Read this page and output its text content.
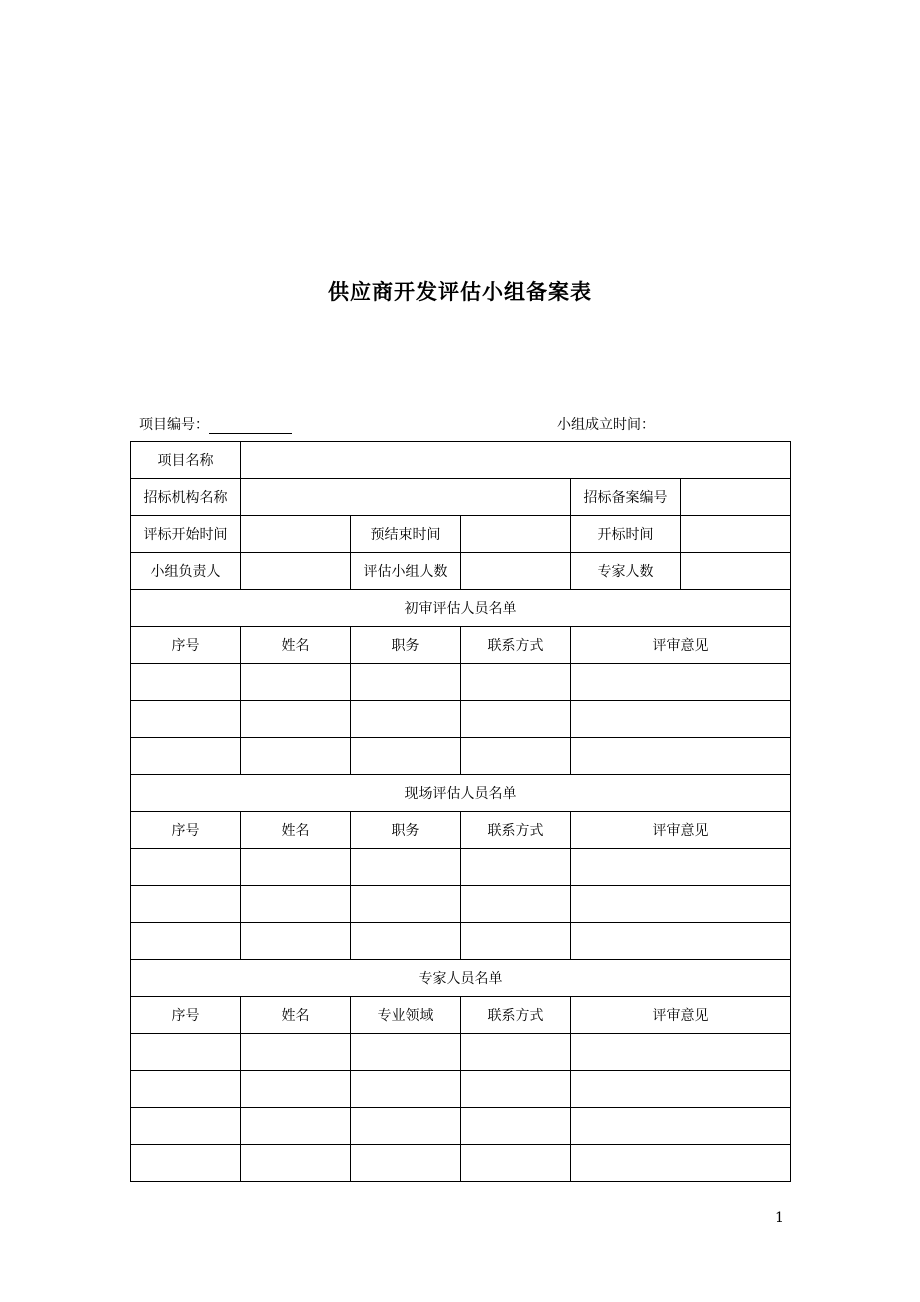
供应商开发评估小组备案表
项目编号：	小组成立时间：
项目名称					
招标机构名称				招标备案编号	
评标开始时间		预结束时间		开标时间	
小组负责人		评估小组人数		专家人数	
初审评估人员名单					
序号	姓名	职务	联系方式	评审意见	

现场评估人员名单					
序号	姓名	职务	联系方式	评审意见	

专家人员名单					
序号	姓名	专业领域	联系方式	评审意见	

1
